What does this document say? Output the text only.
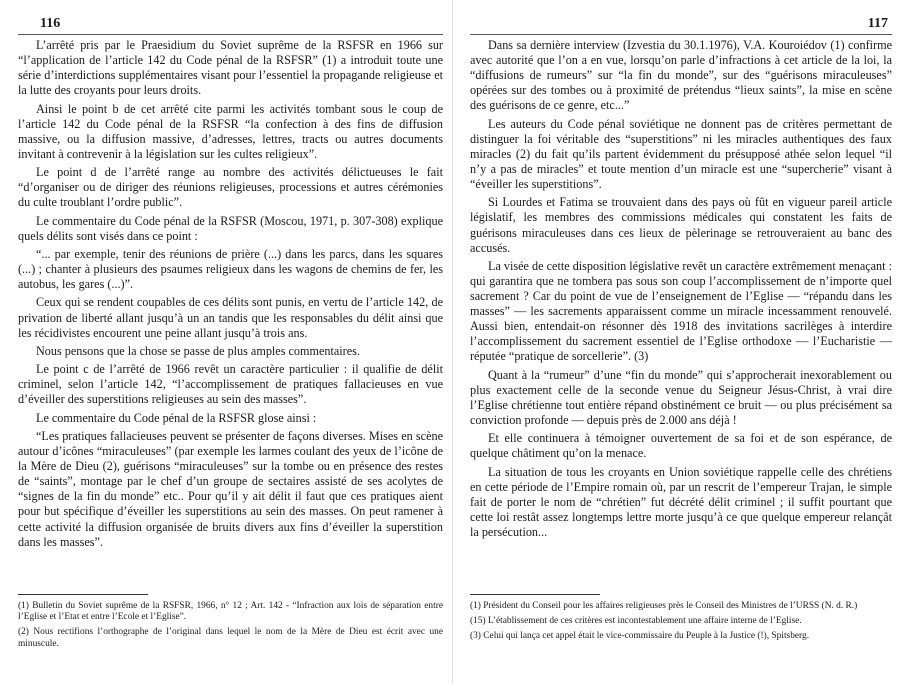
116

L’arrêté pris par le Praesidium du Soviet suprême de la RSFSR en 1966 sur “l’application de l’article 142 du Code pénal de la RSFSR” (1) a introduit toute une série d’interdictions supplémentaires visant pour l’essentiel la propagande religieuse et la lutte des croyants pour leurs droits.

Ainsi le point b de cet arrêté cite parmi les activités tombant sous le coup de l’article 142 du Code pénal de la RSFSR “la confection à des fins de diffusion massive, ou la diffusion massive, d’adresses, lettres, tracts ou autres documents invitant à contrevenir à la législation sur les cultes religieux”.

Le point d de l’arrêté range au nombre des activités délictueuses le fait “d’organiser ou de diriger des réunions religieuses, processions et autres cérémonies du culte troublant l’ordre public”.

Le commentaire du Code pénal de la RSFSR (Moscou, 1971, p. 307-308) explique quels délits sont visés dans ce point :

“... par exemple, tenir des réunions de prière (...) dans les parcs, dans les squares (...) ; chanter à plusieurs des psaumes religieux dans les wagons de chemins de fer, les autobus, les gares (...)”.

Ceux qui se rendent coupables de ces délits sont punis, en vertu de l’article 142, de privation de liberté allant jusqu’à un an tandis que les responsables du délit ainsi que les récidivistes encourent une peine allant jusqu’à trois ans.

Nous pensons que la chose se passe de plus amples commentaires.

Le point c de l’arrêté de 1966 revêt un caractère particulier : il qualifie de délit criminel, selon l’article 142, “l’accomplissement de pratiques fallacieuses en vue d’éveiller des superstitions religieuses au sein des masses”.

Le commentaire du Code pénal de la RSFSR glose ainsi :

“Les pratiques fallacieuses peuvent se présenter de façons diverses. Mises en scène autour d’icônes “miraculeuses” (par exemple les larmes coulant des yeux de l’icône de la Mère de Dieu (2), guérisons “miraculeuses” sur la tombe ou en présence des restes de “saints”, montage par le chef d’un groupe de sectaires assisté de ses acolytes de “signes de la fin du monde” etc.. Pour qu’il y ait délit il faut que ces pratiques aient pour but spécifique d’éveiller les superstitions au sein des masses. On peut ramener à cette activité la diffusion organisée de bruits divers aux fins d’éveiller la superstition dans les masses”.

(1) Bulletin du Soviet suprême de la RSFSR, 1966, n° 12 ; Art. 142 - “Infraction aux lois de séparation entre l’Eglise et l’Etat et entre l’Ecole et l’Eglise”.

(2) Nous rectifions l’orthographe de l’original dans lequel le nom de la Mère de Dieu est écrit avec une minuscule.

117

Dans sa dernière interview (Izvestia du 30.1.1976), V.A. Kouroiédov (1) confirme avec autorité que l’on a en vue, lorsqu’on parle d’infractions à cet article de la loi, la “diffusions de rumeurs” sur “la fin du monde”, sur des “guérisons miraculeuses” opérées sur des tombes ou à proximité de prétendus “lieux saints”, la mise en scène des guérisons de ce genre, etc...”

Les auteurs du Code pénal soviétique ne donnent pas de critères permettant de distinguer la foi véritable des “superstitions” ni les miracles authentiques des faux miracles (2) du fait qu’ils partent évidemment du présupposé athée selon lequel “il n’y a pas de miracles” et toute mention d’un miracle est une “supercherie” visant à “éveiller les superstitions”.

Si Lourdes et Fatima se trouvaient dans des pays où fût en vigueur pareil article législatif, les membres des commissions médicales qui constatent les faits de guérisons miraculeuses dans ces lieux de pèlerinage se retrouveraient au banc des accusés.

La visée de cette disposition législative revêt un caractère extrêmement menaçant : qui garantira que ne tombera pas sous son coup l’accomplissement de n’importe quel sacrement ? Car du point de vue de l’enseignement de l’Eglise — “répandu dans les masses” — les sacrements apparaissent comme un miracle incessamment renouvelé. Aussi bien, entendait-on résonner dès 1918 des invitations sacrilèges à interdire l’accomplissement du sacrement essentiel de l’Eglise orthodoxe — l’Eucharistie — réputée “pratique de sorcellerie”. (3)

Quant à la “rumeur” d’une “fin du monde” qui s’approcherait inexorablement ou plus exactement celle de la seconde venue du Seigneur Jésus-Christ, à vrai dire l’Eglise chrétienne tout entière répand obstinément ce bruit — ou plus précisément sa conviction profonde — depuis près de 2.000 ans déjà !

Et elle continuera à témoigner ouvertement de sa foi et de son espérance, de quelque châtiment qu’on la menace.

La situation de tous les croyants en Union soviétique rappelle celle des chrétiens en cette période de l’Empire romain où, par un rescrit de l’empereur Trajan, le simple fait de porter le nom de “chrétien” fut décrété délit criminel ; il suffit pourtant que cette loi restât assez longtemps lettre morte jusqu’à ce que quelque empereur relançât la persécution...

(1) Président du Conseil pour les affaires religieuses près le Conseil des Ministres de l’URSS (N. d. R.)

(15) L’établissement de ces critères est incontestablement une affaire interne de l’Eglise.

(3) Celui qui lança cet appel était le vice-commissaire du Peuple à la Justice (!), Spitsberg.
